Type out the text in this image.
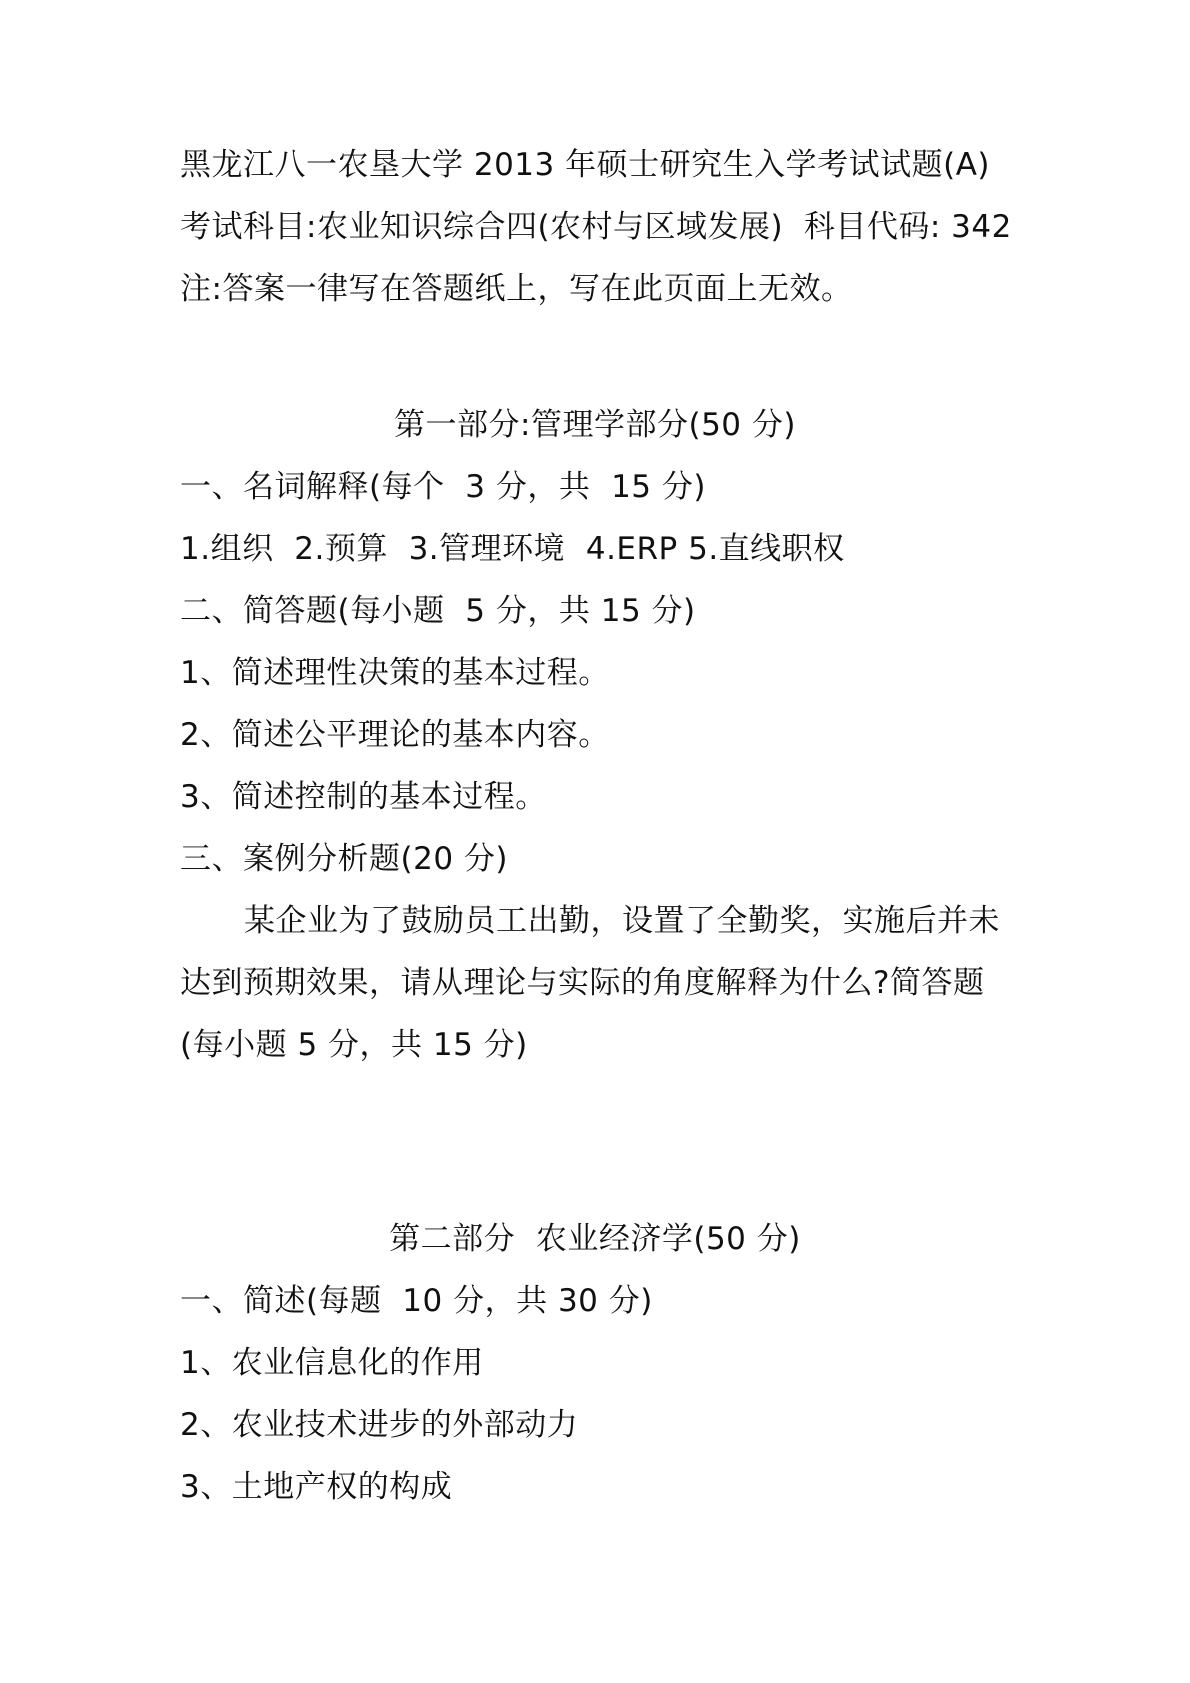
黑龙江八一农垦大学 2013 年硕士研究生入学考试试题(A)
考试科目:农业知识综合四(农村与区域发展)  科目代码: 342
注:答案一律写在答题纸上，写在此页面上无效。
第一部分:管理学部分(50 分)
一、名词解释(每个  3 分，共  15 分)
1.组织  2.预算  3.管理环境  4.ERP 5.直线职权
二、简答题(每小题  5 分，共 15 分)
1、简述理性决策的基本过程。
2、简述公平理论的基本内容。
3、简述控制的基本过程。
三、案例分析题(20 分)
某企业为了鼓励员工出勤，设置了全勤奖，实施后并未
达到预期效果，请从理论与实际的角度解释为什么?简答题
(每小题 5 分，共 15 分)
第二部分  农业经济学(50 分)
一、简述(每题  10 分，共 30 分)
1、农业信息化的作用
2、农业技术进步的外部动力
3、土地产权的构成
